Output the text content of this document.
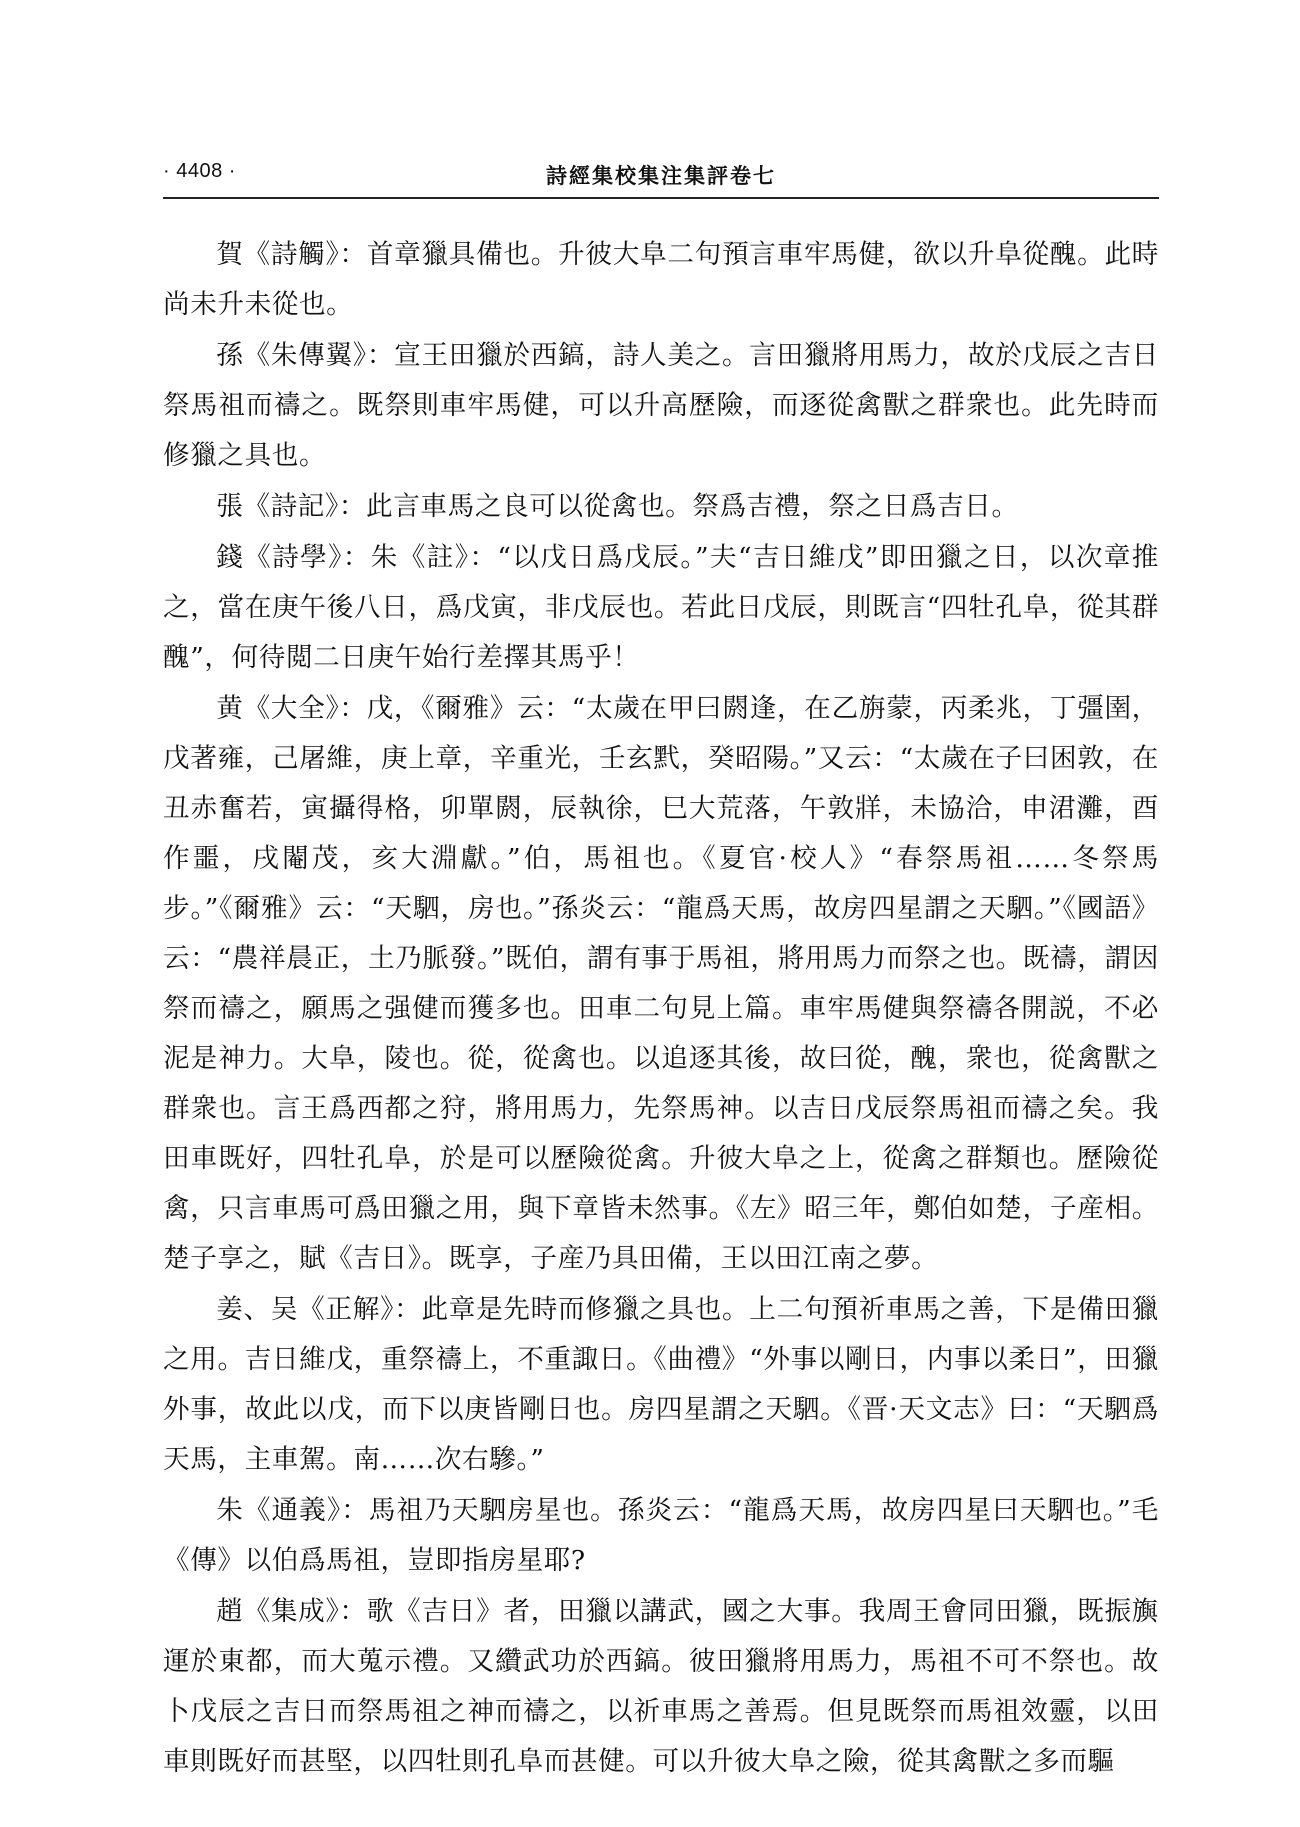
· 4408 ·	詩經集校集注集評卷七

賀《詩觸》：首章獵具備也。升彼大阜二句預言車牢馬健，欲以升阜從醜。此時尚未升未從也。

孫《朱傳翼》：宣王田獵於西鎬，詩人美之。言田獵將用馬力，故於戊辰之吉日祭馬祖而禱之。既祭則車牢馬健，可以升高歷險，而逐從禽獸之群衆也。此先時而修獵之具也。

張《詩記》：此言車馬之良可以從禽也。祭爲吉禮，祭之日爲吉日。

錢《詩學》：朱《註》：“以戊日爲戊辰。”夫“吉日維戊”即田獵之日，以次章推之，當在庚午後八日，爲戊寅，非戊辰也。若此日戊辰，則既言“四牡孔阜，從其群醜”，何待閲二日庚午始行差擇其馬乎！

黄《大全》：戊，《爾雅》云：“太歲在甲曰閼逢，在乙旃蒙，丙柔兆，丁彊圉，戊著雍，己屠維，庚上章，辛重光，壬玄黓，癸昭陽。”又云：“太歲在子曰困敦，在丑赤奮若，寅攝得格，卯單閼，辰執徐，巳大荒落，午敦牂，未協洽，申涒灘，酉作噩，戌閹茂，亥大淵獻。”伯，馬祖也。《夏官·校人》“春祭馬祖……冬祭馬步。”《爾雅》云：“天駟，房也。”孫炎云：“龍爲天馬，故房四星謂之天駟。”《國語》云：“農祥晨正，土乃脈發。”既伯，謂有事于馬祖，將用馬力而祭之也。既禱，謂因祭而禱之，願馬之强健而獲多也。田車二句見上篇。車牢馬健與祭禱各開説，不必泥是神力。大阜，陵也。從，從禽也。以追逐其後，故曰從，醜，衆也，從禽獸之群衆也。言王爲西都之狩，將用馬力，先祭馬神。以吉日戊辰祭馬祖而禱之矣。我田車既好，四牡孔阜，於是可以歷險從禽。升彼大阜之上，從禽之群類也。歷險從禽，只言車馬可爲田獵之用，與下章皆未然事。《左》昭三年，鄭伯如楚，子産相。楚子享之，賦《吉日》。既享，子産乃具田備，王以田江南之夢。

姜、吴《正解》：此章是先時而修獵之具也。上二句預祈車馬之善，下是備田獵之用。吉日維戊，重祭禱上，不重諏日。《曲禮》“外事以剛日，内事以柔日”，田獵外事，故此以戊，而下以庚皆剛日也。房四星謂之天駟。《晋·天文志》曰：“天駟爲天馬，主車駕。南……次右驂。”

朱《通義》：馬祖乃天駟房星也。孫炎云：“龍爲天馬，故房四星曰天駟也。”毛《傳》以伯爲馬祖，豈即指房星耶?

趙《集成》：歌《吉日》者，田獵以講武，國之大事。我周王會同田獵，既振旟運於東都，而大蒐示禮。又纘武功於西鎬。彼田獵將用馬力，馬祖不可不祭也。故卜戊辰之吉日而祭馬祖之神而禱之，以祈車馬之善焉。但見既祭而馬祖效靈，以田車則既好而甚堅，以四牡則孔阜而甚健。可以升彼大阜之險，從其禽獸之多而驅
